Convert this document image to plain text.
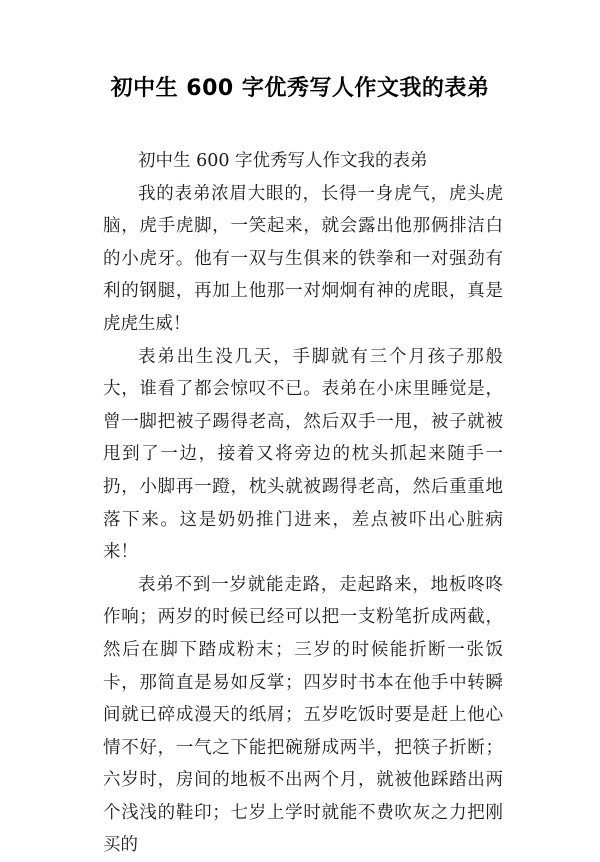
初中生 600 字优秀写人作文我的表弟

初中生 600 字优秀写人作文我的表弟

我的表弟浓眉大眼的，长得一身虎气，虎头虎脑，虎手虎脚，一笑起来，就会露出他那俩排洁白的小虎牙。他有一双与生俱来的铁拳和一对强劲有利的钢腿，再加上他那一对炯炯有神的虎眼，真是虎虎生威！

表弟出生没几天，手脚就有三个月孩子那般大，谁看了都会惊叹不已。表弟在小床里睡觉是，曾一脚把被子踢得老高，然后双手一甩，被子就被甩到了一边，接着又将旁边的枕头抓起来随手一扔，小脚再一蹬，枕头就被踢得老高，然后重重地落下来。这是奶奶推门进来，差点被吓出心脏病来！

表弟不到一岁就能走路，走起路来，地板咚咚作响；两岁的时候已经可以把一支粉笔折成两截，然后在脚下踏成粉末；三岁的时候能折断一张饭卡，那简直是易如反掌；四岁时书本在他手中转瞬间就已碎成漫天的纸屑；五岁吃饭时要是赶上他心情不好，一气之下能把碗掰成两半，把筷子折断；六岁时，房间的地板不出两个月，就被他踩踏出两个浅浅的鞋印；七岁上学时就能不费吹灰之力把刚买的
